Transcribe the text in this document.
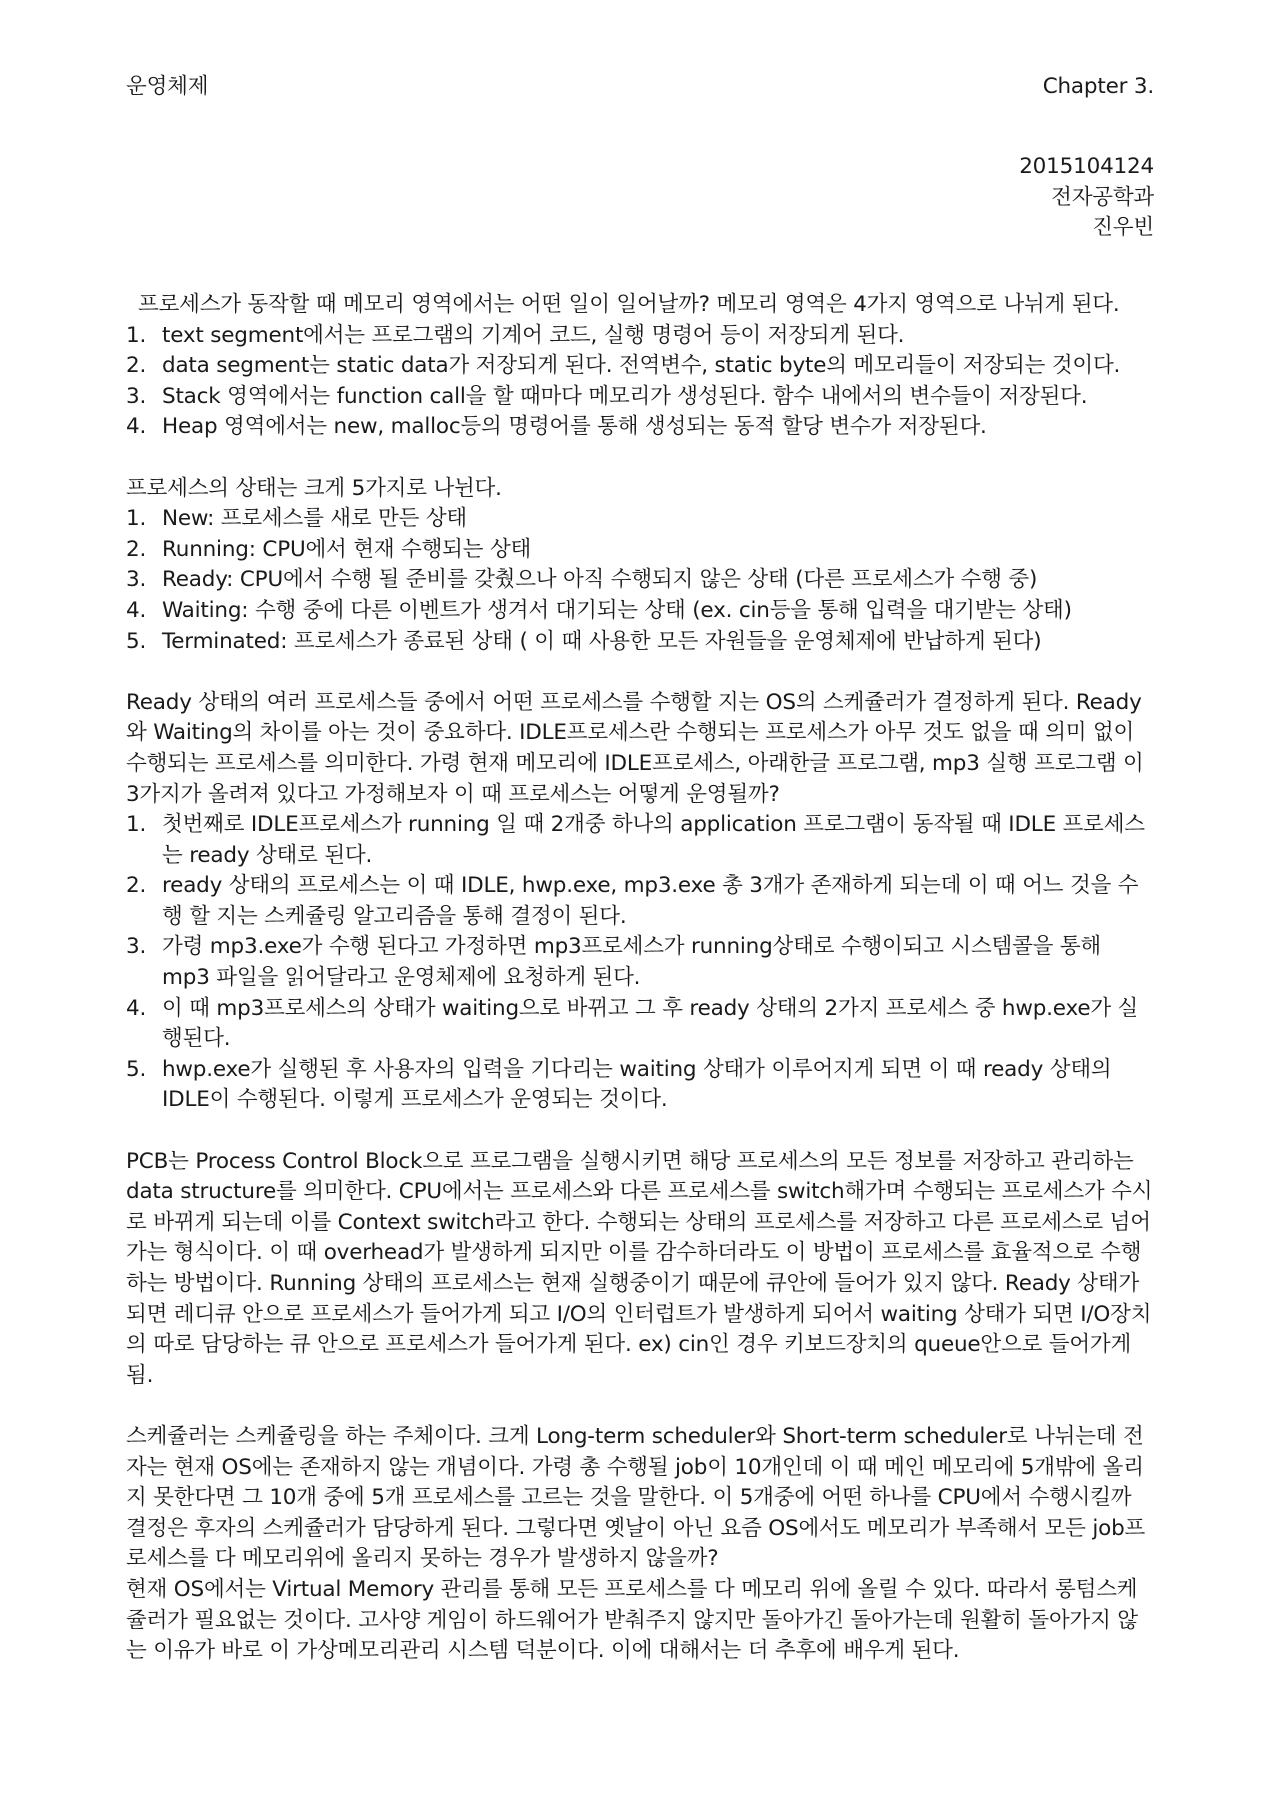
운영체제	Chapter 3.
2015104124
전자공학과
진우빈

프로세스가 동작할 때 메모리 영역에서는 어떤 일이 일어날까? 메모리 영역은 4가지 영역으로 나뉘게 된다.

1. text segment에서는 프로그램의 기계어 코드, 실행 명령어 등이 저장되게 된다.
2. data segment는 static data가 저장되게 된다. 전역변수, static byte의 메모리들이 저장되는 것이다.
3. Stack 영역에서는 function call을 할 때마다 메모리가 생성된다. 함수 내에서의 변수들이 저장된다.
4. Heap 영역에서는 new, malloc등의 명령어를 통해 생성되는 동적 할당 변수가 저장된다.

프로세스의 상태는 크게 5가지로 나뉜다.

1. New: 프로세스를 새로 만든 상태
2. Running: CPU에서 현재 수행되는 상태
3. Ready: CPU에서 수행 될 준비를 갖췄으나 아직 수행되지 않은 상태 (다른 프로세스가 수행 중)
4. Waiting: 수행 중에 다른 이벤트가 생겨서 대기되는 상태 (ex. cin등을 통해 입력을 대기받는 상태)
5. Terminated: 프로세스가 종료된 상태 ( 이 때 사용한 모든 자원들을 운영체제에 반납하게 된다)

Ready 상태의 여러 프로세스들 중에서 어떤 프로세스를 수행할 지는 OS의 스케쥴러가 결정하게 된다. Ready와 Waiting의 차이를 아는 것이 중요하다. IDLE프로세스란 수행되는 프로세스가 아무 것도 없을 때 의미 없이 수행되는 프로세스를 의미한다. 가령 현재 메모리에 IDLE프로세스, 아래한글 프로그램, mp3 실행 프로그램 이 3가지가 올려져 있다고 가정해보자 이 때 프로세스는 어떻게 운영될까?

1. 첫번째로 IDLE프로세스가 running 일 때 2개중 하나의 application 프로그램이 동작될 때 IDLE 프로세스는 ready 상태로 된다.
2. ready 상태의 프로세스는 이 때 IDLE, hwp.exe, mp3.exe 총 3개가 존재하게 되는데 이 때 어느 것을 수행 할 지는 스케쥴링 알고리즘을 통해 결정이 된다.
3. 가령 mp3.exe가 수행 된다고 가정하면 mp3프로세스가 running상태로 수행이되고 시스템콜을 통해 mp3 파일을 읽어달라고 운영체제에 요청하게 된다.
4. 이 때 mp3프로세스의 상태가 waiting으로 바뀌고 그 후 ready 상태의 2가지 프로세스 중 hwp.exe가 실행된다.
5. hwp.exe가 실행된 후 사용자의 입력을 기다리는 waiting 상태가 이루어지게 되면 이 때 ready 상태의 IDLE이 수행된다. 이렇게 프로세스가 운영되는 것이다.

PCB는 Process Control Block으로 프로그램을 실행시키면 해당 프로세스의 모든 정보를 저장하고 관리하는 data structure를 의미한다. CPU에서는 프로세스와 다른 프로세스를 switch해가며 수행되는 프로세스가 수시로 바뀌게 되는데 이를 Context switch라고 한다. 수행되는 상태의 프로세스를 저장하고 다른 프로세스로 넘어가는 형식이다. 이 때 overhead가 발생하게 되지만 이를 감수하더라도 이 방법이 프로세스를 효율적으로 수행하는 방법이다. Running 상태의 프로세스는 현재 실행중이기 때문에 큐안에 들어가 있지 않다. Ready 상태가 되면 레디큐 안으로 프로세스가 들어가게 되고 I/O의 인터럽트가 발생하게 되어서 waiting 상태가 되면 I/O장치의 따로 담당하는 큐 안으로 프로세스가 들어가게 된다. ex) cin인 경우 키보드장치의 queue안으로 들어가게 됨.

스케쥴러는 스케쥴링을 하는 주체이다. 크게 Long-term scheduler와 Short-term scheduler로 나뉘는데 전자는 현재 OS에는 존재하지 않는 개념이다. 가령 총 수행될 job이 10개인데 이 때 메인 메모리에 5개밖에 올리지 못한다면 그 10개 중에 5개 프로세스를 고르는 것을 말한다. 이 5개중에 어떤 하나를 CPU에서 수행시킬까 결정은 후자의 스케쥴러가 담당하게 된다. 그렇다면 옛날이 아닌 요즘 OS에서도 메모리가 부족해서 모든 job프로세스를 다 메모리위에 올리지 못하는 경우가 발생하지 않을까?

현재 OS에서는 Virtual Memory 관리를 통해 모든 프로세스를 다 메모리 위에 올릴 수 있다. 따라서 롱텀스케쥴러가 필요없는 것이다. 고사양 게임이 하드웨어가 받춰주지 않지만 돌아가긴 돌아가는데 원활히 돌아가지 않는 이유가 바로 이 가상메모리관리 시스템 덕분이다. 이에 대해서는 더 추후에 배우게 된다.
